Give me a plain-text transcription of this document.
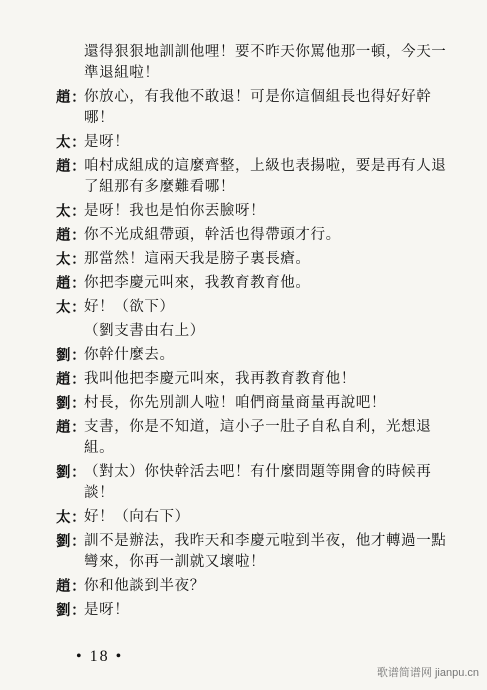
還得狠狠地訓訓他哩！要不昨天你罵他那一頓，今天一
準退組啦！
趙：
你放心，有我他不敢退！可是你這個組長也得好好幹
哪！
太：
是呀！
趙：
咱村成組成的這麼齊整，上級也表揚啦，要是再有人退
了組那有多麼難看哪！
太：
是呀！我也是怕你丟臉呀！
趙：
你不光成組帶頭，幹活也得帶頭才行。
太：
那當然！這兩天我是膀子裏長瘡。
趙：
你把李慶元叫來，我教育教育他。
太：
好！（欲下）
（劉支書由右上）
劉：
你幹什麼去。
趙：
我叫他把李慶元叫來，我再教育教育他！
劉：
村長，你先別訓人啦！咱們商量商量再說吧！
趙：
支書，你是不知道，這小子一肚子自私自利，光想退
組。
劉：
（對太）你快幹活去吧！有什麼問題等開會的時候再
談！
太：
好！（向右下）
劉：
訓不是辦法，我昨天和李慶元啦到半夜，他才轉過一點
彎來，你再一訓就又壞啦！
趙：
你和他談到半夜？
劉：
是呀！
• 18 •
歌谱简谱网 jianpu.cn
